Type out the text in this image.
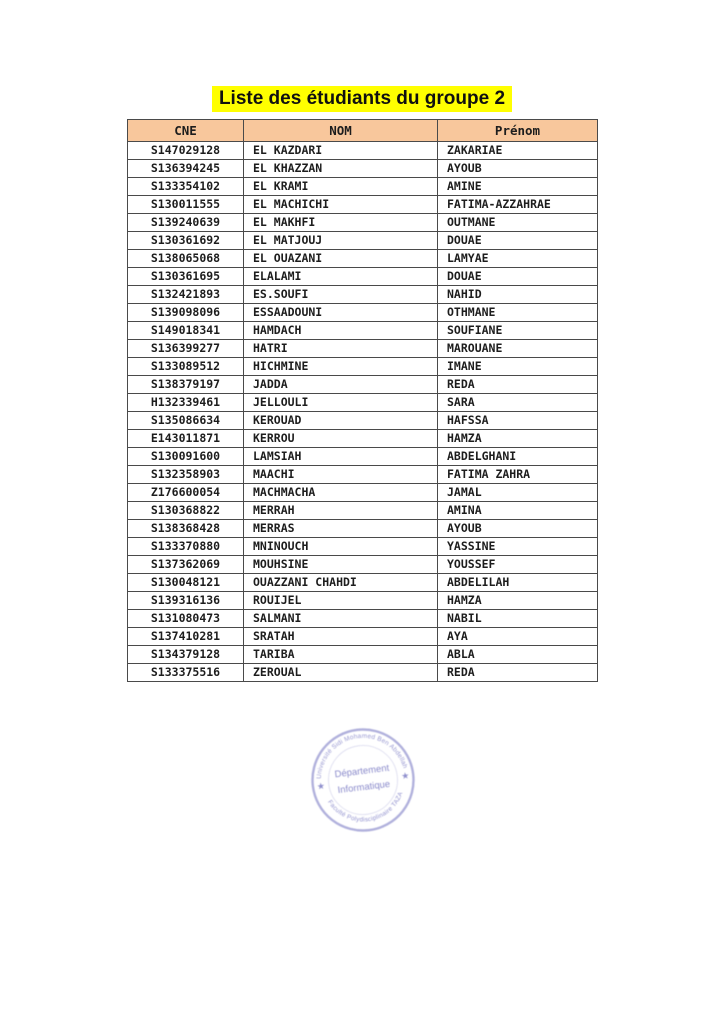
Liste des étudiants du groupe 2
CNE	NOM	Prénom
S147029128	EL KAZDARI	ZAKARIAE
S136394245	EL KHAZZAN	AYOUB
S133354102	EL KRAMI	AMINE
S130011555	EL MACHICHI	FATIMA-AZZAHRAE
S139240639	EL MAKHFI	OUTMANE
S130361692	EL MATJOUJ	DOUAE
S138065068	EL OUAZANI	LAMYAE
S130361695	ELALAMI	DOUAE
S132421893	ES.SOUFI	NAHID
S139098096	ESSAADOUNI	OTHMANE
S149018341	HAMDACH	SOUFIANE
S136399277	HATRI	MAROUANE
S133089512	HICHMINE	IMANE
S138379197	JADDA	REDA
H132339461	JELLOULI	SARA
S135086634	KEROUAD	HAFSSA
E143011871	KERROU	HAMZA
S130091600	LAMSIAH	ABDELGHANI
S132358903	MAACHI	FATIMA ZAHRA
Z176600054	MACHMACHA	JAMAL
S130368822	MERRAH	AMINA
S138368428	MERRAS	AYOUB
S133370880	MNINOUCH	YASSINE
S137362069	MOUHSINE	YOUSSEF
S130048121	OUAZZANI CHAHDI	ABDELILAH
S139316136	ROUIJEL	HAMZA
S131080473	SALMANI	NABIL
S137410281	SRATAH	AYA
S134379128	TARIBA	ABLA
S133375516	ZEROUAL	REDA
Université Sidi Mohamed Ben Abdellah
Faculté Polydisciplinaire TAZA
★
★
Département
Informatique
